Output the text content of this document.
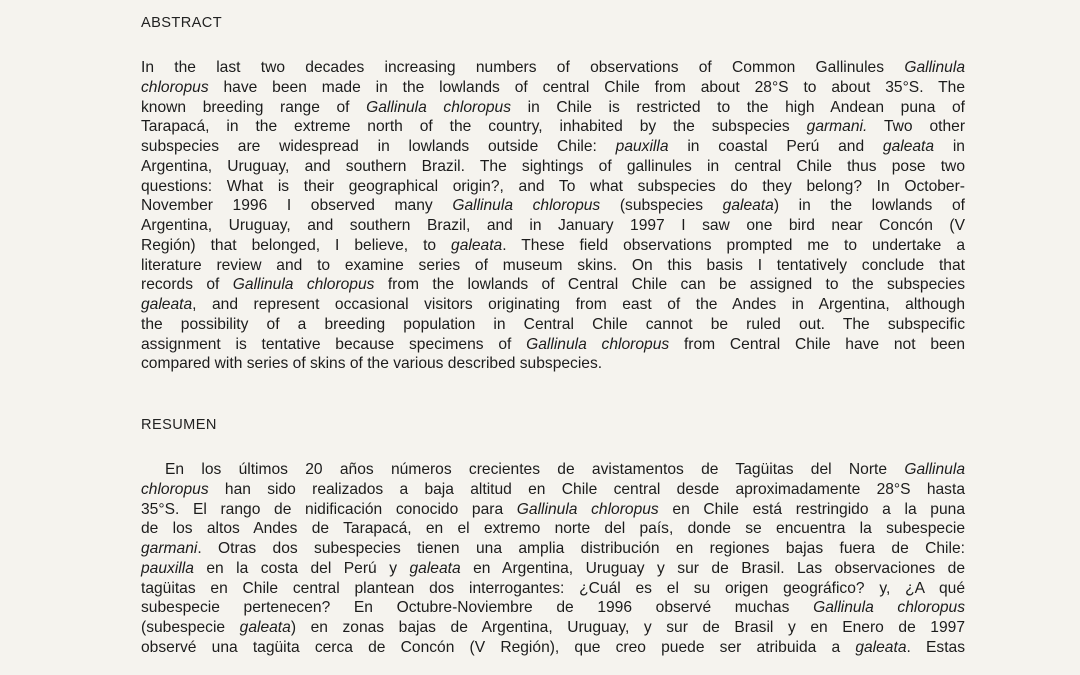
ABSTRACT
In the last two decades increasing numbers of observations of Common Gallinules Gallinula
chloropus have been made in the lowlands of central Chile from about 28°S to about 35°S. The
known breeding range of Gallinula chloropus in Chile is restricted to the high Andean puna of
Tarapacá, in the extreme north of the country, inhabited by the subspecies garmani. Two other
subspecies are widespread in lowlands outside Chile: pauxilla in coastal Perú and galeata in
Argentina, Uruguay, and southern Brazil. The sightings of gallinules in central Chile thus pose two
questions: What is their geographical origin?, and To what subspecies do they belong? In October-
November 1996 I observed many Gallinula chloropus (subspecies galeata) in the lowlands of
Argentina, Uruguay, and southern Brazil, and in January 1997 I saw one bird near Concón (V
Región) that belonged, I believe, to galeata. These field observations prompted me to undertake a
literature review and to examine series of museum skins. On this basis I tentatively conclude that
records of Gallinula chloropus from the lowlands of Central Chile can be assigned to the subspecies
galeata, and represent occasional visitors originating from east of the Andes in Argentina, although
the possibility of a breeding population in Central Chile cannot be ruled out. The subspecific
assignment is tentative because specimens of Gallinula chloropus from Central Chile have not been
compared with series of skins of the various described subspecies.
RESUMEN
En los últimos 20 años números crecientes de avistamentos de Tagüitas del Norte Gallinula
chloropus han sido realizados a baja altitud en Chile central desde aproximadamente 28°S hasta
35°S. El rango de nidificación conocido para Gallinula chloropus en Chile está restringido a la puna
de los altos Andes de Tarapacá, en el extremo norte del país, donde se encuentra la subespecie
garmani. Otras dos subespecies tienen una amplia distribución en regiones bajas fuera de Chile:
pauxilla en la costa del Perú y galeata en Argentina, Uruguay y sur de Brasil. Las observaciones de
tagüitas en Chile central plantean dos interrogantes: ¿Cuál es el su origen geográfico? y, ¿A qué
subespecie pertenecen? En Octubre-Noviembre de 1996 observé muchas Gallinula chloropus
(subespecie galeata) en zonas bajas de Argentina, Uruguay, y sur de Brasil y en Enero de 1997
observé una tagüita cerca de Concón (V Región), que creo puede ser atribuida a galeata. Estas
